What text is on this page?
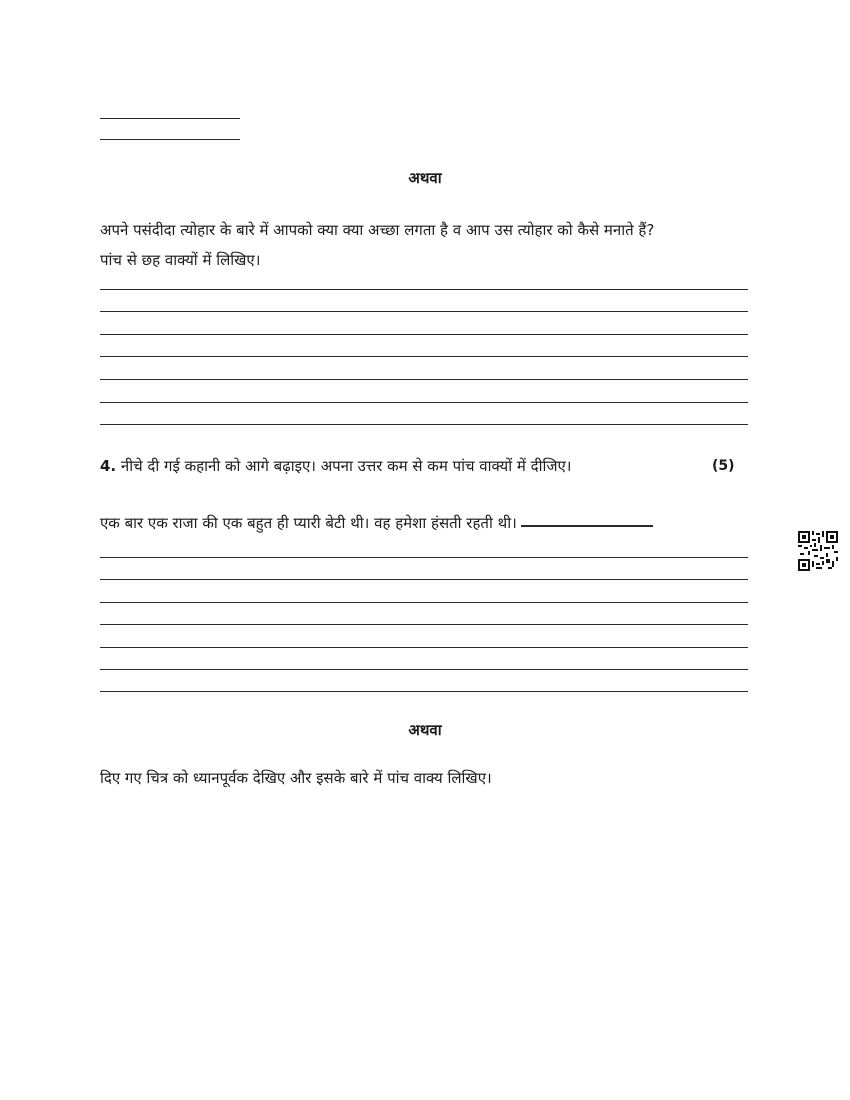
अथवा
अपने पसंदीदा त्योहार के बारे में आपको क्या क्या अच्छा लगता है व आप उस त्योहार को कैसे मनाते हैं?
पांच से छह वाक्यों में लिखिए।
4. नीचे दी गई कहानी को आगे बढ़ाइए। अपना उत्तर कम से कम पांच वाक्यों में दीजिए।	(5)
एक बार एक राजा की एक बहुत ही प्यारी बेटी थी। वह हमेशा हंसती रहती थी।
अथवा
दिए गए चित्र को ध्यानपूर्वक देखिए और इसके बारे में पांच वाक्य लिखिए।
